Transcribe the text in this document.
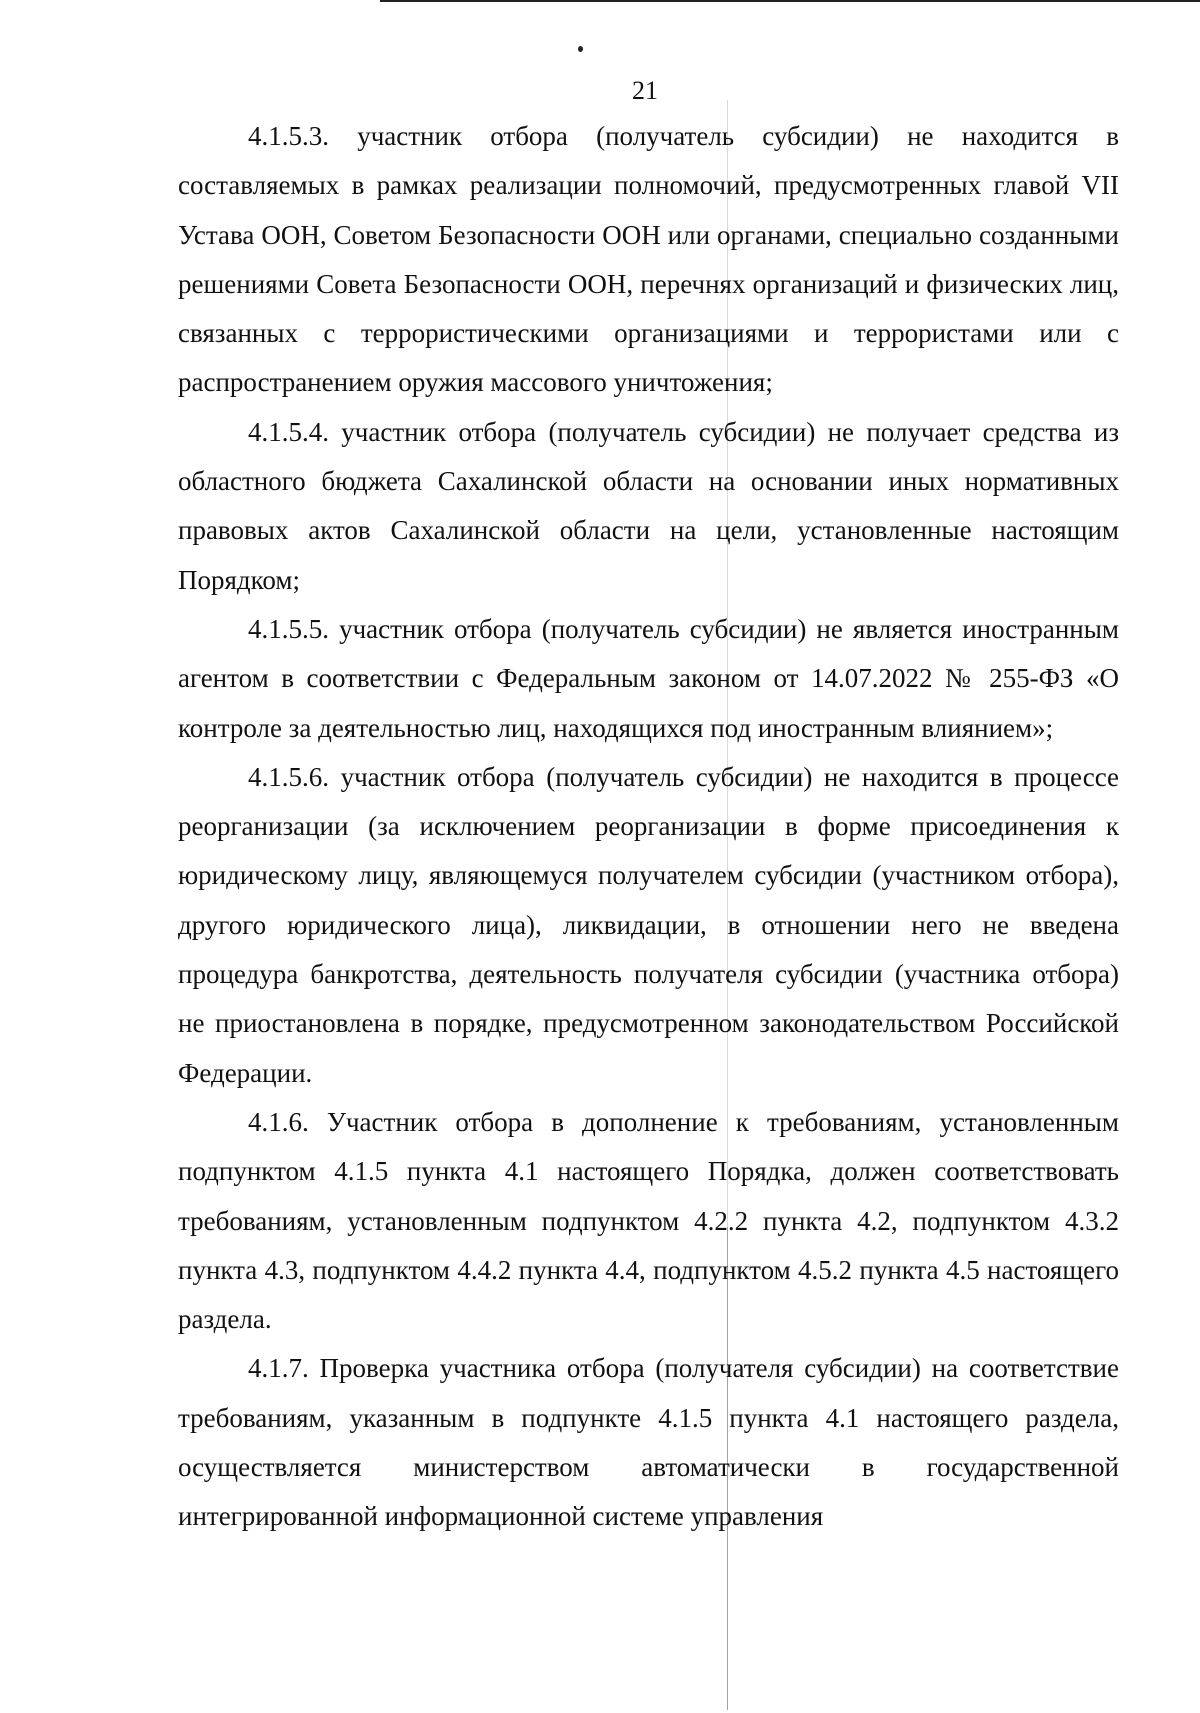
21

4.1.5.3. участник отбора (получатель субсидии) не находится в составляемых в рамках реализации полномочий, предусмотренных главой VII Устава ООН, Советом Безопасности ООН или органами, специально созданными решениями Совета Безопасности ООН, перечнях организаций и физических лиц, связанных с террористическими организациями и террористами или с распространением оружия массового уничтожения;

4.1.5.4. участник отбора (получатель субсидии) не получает средства из областного бюджета Сахалинской области на основании иных нормативных правовых актов Сахалинской области на цели, установленные настоящим Порядком;

4.1.5.5. участник отбора (получатель субсидии) не является иностранным агентом в соответствии с Федеральным законом от 14.07.2022 № 255-ФЗ «О контроле за деятельностью лиц, находящихся под иностранным влиянием»;

4.1.5.6. участник отбора (получатель субсидии) не находится в процессе реорганизации (за исключением реорганизации в форме присоединения к юридическому лицу, являющемуся получателем субсидии (участником отбора), другого юридического лица), ликвидации, в отношении него не введена процедура банкротства, деятельность получателя субсидии (участника отбора) не приостановлена в порядке, предусмотренном законодательством Российской Федерации.

4.1.6. Участник отбора в дополнение к требованиям, установленным подпунктом 4.1.5 пункта 4.1 настоящего Порядка, должен соответствовать требованиям, установленным подпунктом 4.2.2 пункта 4.2, подпунктом 4.3.2 пункта 4.3, подпунктом 4.4.2 пункта 4.4, подпунктом 4.5.2 пункта 4.5 настоящего раздела.

4.1.7. Проверка участника отбора (получателя субсидии) на соответствие требованиям, указанным в подпункте 4.1.5 пункта 4.1 настоящего раздела, осуществляется министерством автоматически в государственной интегрированной информационной системе управления
